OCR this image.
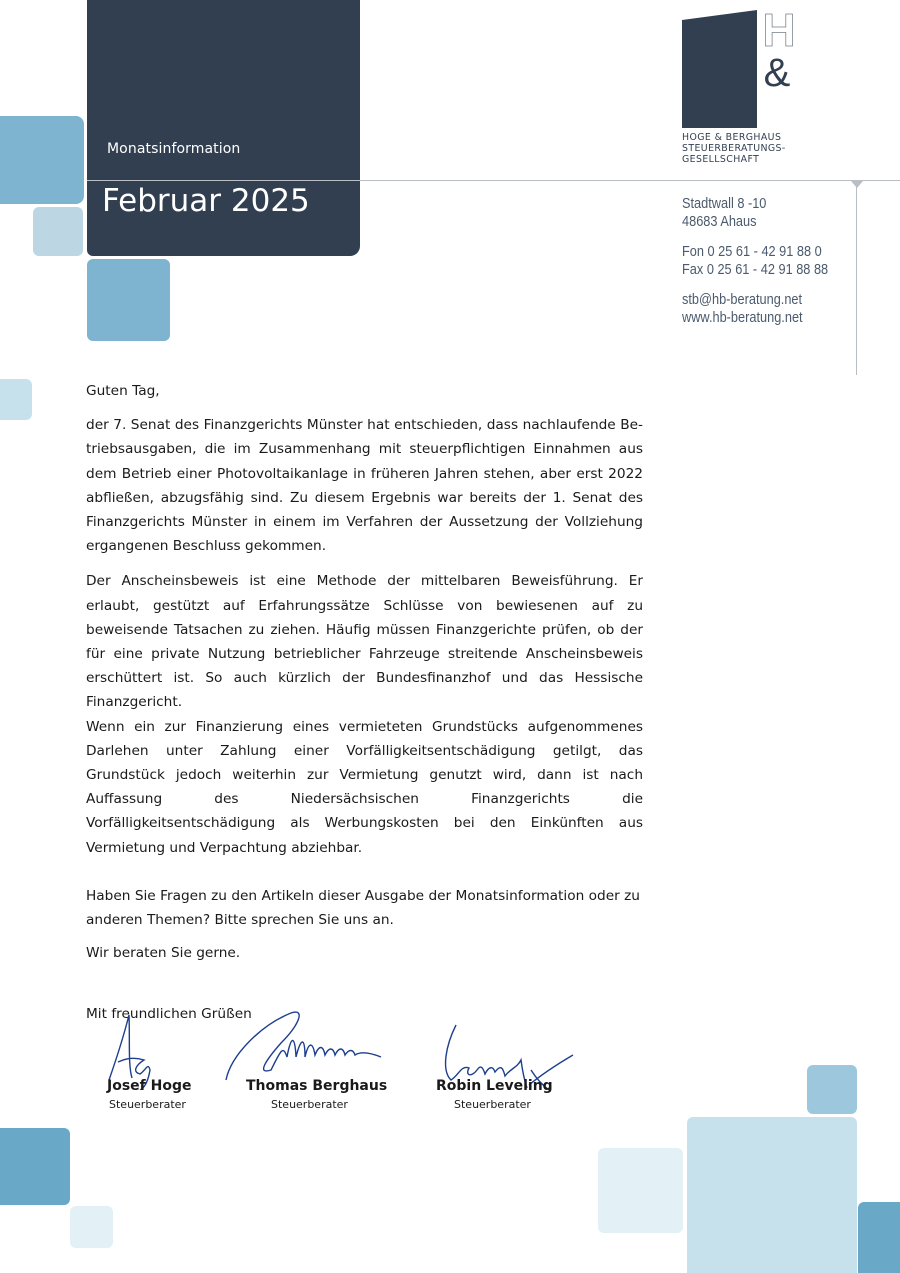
Monatsinformation
Februar 2025
H
&
B
HOGE & BERGHAUS
STEUERBERATUNGS-
GESELLSCHAFT
Stadtwall 8 -10
48683 Ahaus
Fon 0 25 61 - 42 91 88 0
Fax 0 25 61 - 42 91 88 88
stb@hb-beratung.net
www.hb-beratung.net

Guten Tag,

der 7. Senat des Finanzgerichts Münster hat entschieden, dass nachlaufende Betriebsausgaben, die im Zusammenhang mit steuerpflichtigen Einnahmen aus dem Betrieb einer Photovoltaikanlage in früheren Jahren stehen, aber erst 2022 abfließen, abzugsfähig sind. Zu diesem Ergebnis war bereits der 1. Senat des Finanzgerichts Münster in einem im Verfahren der Aussetzung der Vollziehung ergangenen Beschluss gekommen.

Der Anscheinsbeweis ist eine Methode der mittelbaren Beweisführung. Er erlaubt, gestützt auf Erfahrungssätze Schlüsse von bewiesenen auf zu beweisende Tatsachen zu ziehen. Häufig müssen Finanzgerichte prüfen, ob der für eine private Nutzung betrieblicher Fahrzeuge streitende Anscheinsbeweis erschüttert ist. So auch kürzlich der Bundesfinanzhof und das Hessische Finanzgericht.

Wenn ein zur Finanzierung eines vermieteten Grundstücks aufgenommenes Darlehen unter Zahlung einer Vorfälligkeitsentschädigung getilgt, das Grundstück jedoch weiterhin zur Vermietung genutzt wird, dann ist nach Auffassung des Niedersächsischen Finanzgerichts die Vorfälligkeitsentschädigung als Werbungskosten bei den Einkünften aus Vermietung und Verpachtung abziehbar.

Haben Sie Fragen zu den Artikeln dieser Ausgabe der Monatsinformation oder zu anderen Themen? Bitte sprechen Sie uns an.

Wir beraten Sie gerne.

Mit freundlichen Grüßen

Josef Hoge
Steuerberater
Thomas Berghaus
Steuerberater
Robin Leveling
Steuerberater
